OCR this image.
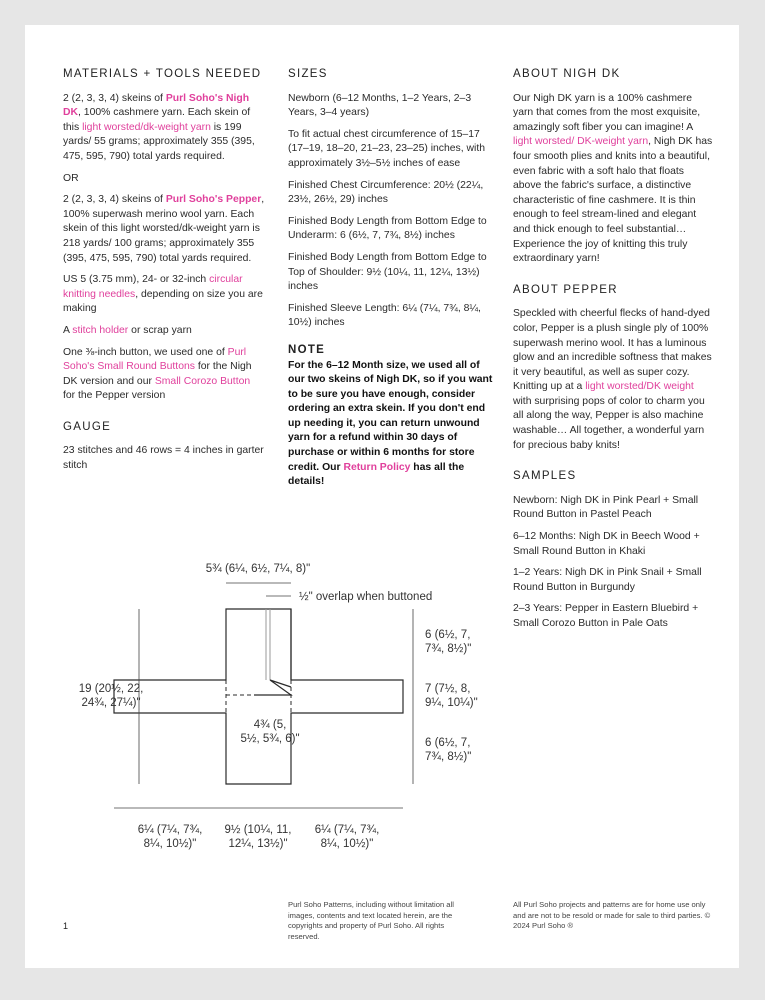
MATERIALS + TOOLS NEEDED

2 (2, 3, 3, 4) skeins of Purl Soho's Nigh DK, 100% cashmere yarn. Each skein of this light worsted/dk-weight yarn is 199 yards/ 55 grams; approximately 355 (395, 475, 595, 790) total yards required.

OR

2 (2, 3, 3, 4) skeins of Purl Soho's Pepper, 100% superwash merino wool yarn. Each skein of this light worsted/dk-weight yarn is 218 yards/ 100 grams; approximately 355 (395, 475, 595, 790) total yards required.

US 5 (3.75 mm), 24- or 32-inch circular knitting needles, depending on size you are making

A stitch holder or scrap yarn

One ⅜-inch button, we used one of Purl Soho's Small Round Buttons for the Nigh DK version and our Small Corozo Button for the Pepper version

GAUGE

23 stitches and 46 rows = 4 inches in garter stitch

SIZES

Newborn (6–12 Months, 1–2 Years, 2–3 Years, 3–4 years)

To fit actual chest circumference of 15–17 (17–19, 18–20, 21–23, 23–25) inches, with approximately 3½–5½ inches of ease

Finished Chest Circumference: 20½ (22¼, 23½, 26½, 29) inches

Finished Body Length from Bottom Edge to Underarm: 6 (6½, 7, 7¾, 8½) inches

Finished Body Length from Bottom Edge to Top of Shoulder: 9½ (10¼, 11, 12¼, 13½) inches

Finished Sleeve Length: 6¼ (7¼, 7¾, 8¼, 10½) inches

NOTE
For the 6–12 Month size, we used all of our two skeins of Nigh DK, so if you want to be sure you have enough, consider ordering an extra skein. If you don't end up needing it, you can return unwound yarn for a refund within 30 days of purchase or within 6 months for store credit. Our Return Policy has all the details!
ABOUT NIGH DK

Our Nigh DK yarn is a 100% cashmere yarn that comes from the most exquisite, amazingly soft fiber you can imagine! A light worsted/ DK-weight yarn, Nigh DK has four smooth plies and knits into a beautiful, even fabric with a soft halo that floats above the fabric's surface, a distinctive characteristic of fine cashmere. It is thin enough to feel stream-lined and elegant and thick enough to feel substantial… Experience the joy of knitting this truly extraordinary yarn!

ABOUT PEPPER

Speckled with cheerful flecks of hand-dyed color, Pepper is a plush single ply of 100% superwash merino wool. It has a luminous glow and an incredible softness that makes it very beautiful, as well as super cozy. Knitting up at a light worsted/DK weight with surprising pops of color to charm you all along the way, Pepper is also machine washable… All together, a wonderful yarn for precious baby knits!

SAMPLES

Newborn: Nigh DK in Pink Pearl + Small Round Button in Pastel Peach

6–12 Months: Nigh DK in Beech Wood + Small Round Button in Khaki

1–2 Years: Nigh DK in Pink Snail + Small Round Button in Burgundy

2–3 Years: Pepper in Eastern Bluebird + Small Corozo Button in Pale Oats

5¾ (6¼, 6½, 7¼, 8)"
½" overlap when buttoned
19 (20½, 22,
24¾, 27¼)"
6 (6½, 7,
7¾, 8½)"
7 (7½, 8,
9¼, 10¼)"
6 (6½, 7,
7¾, 8½)"
4¾ (5,
5½, 5¾, 6)"
6¼ (7¼, 7¾,
8¼, 10½)"
9½ (10¼, 11,
12¼, 13½)"
6¼ (7¼, 7¾,
8¼, 10½)"
1
Purl Soho Patterns, including without limitation all images, contents and text located herein, are the copyrights and property of Purl Soho. All rights reserved.
All Purl Soho projects and patterns are for home use only and are not to be resold or made for sale to third parties. © 2024 Purl Soho ®
